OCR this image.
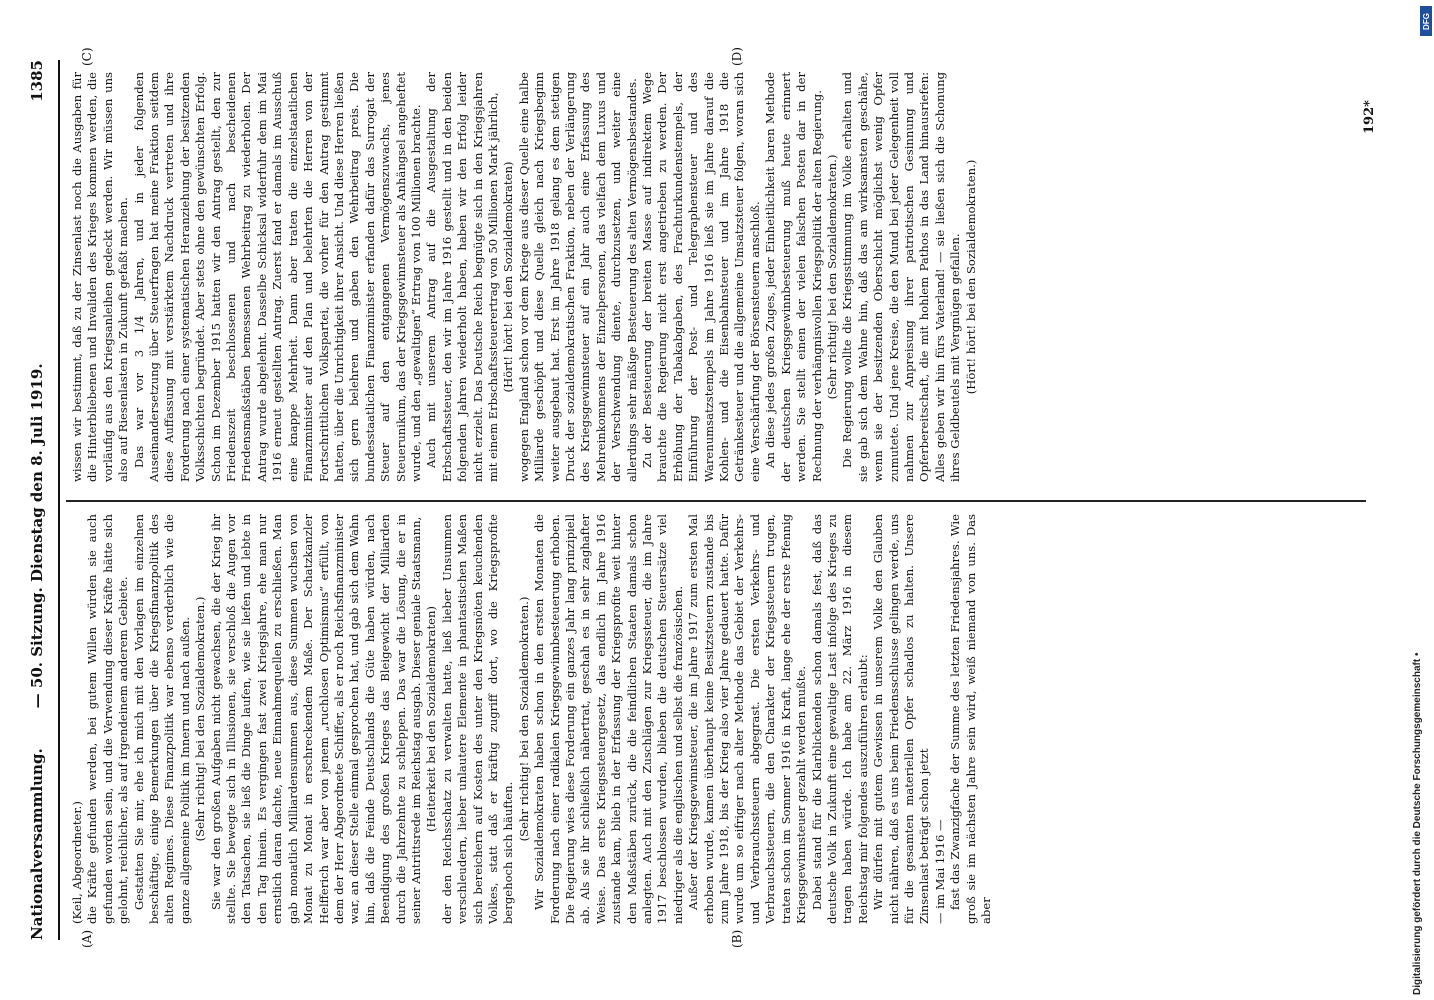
Nationalversammlung.
— 50. Sitzung. Dienstag den 8. Juli 1919.
1385
(A)	(B)
(C)	(D)

(Keil, Abgeordneter.) die Kräfte gefunden werden, bei gutem Willen würden sie auch gefunden worden sein, und die Verwendung dieser Kräfte hätte sich gelohnt, reichlicher, als auf irgendeinem anderem Gebiete. Gestatten Sie mir, ehe ich mich mit den Vorlagen im einzelnen beschäftige, einige Bemerkungen über die Kriegsfinanzpolitik des alten Regimes. Diese Finanzpolitik war ebenso verderblich wie die ganze allgemeine Politik im Innern und nach außen. (Sehr richtig! bei den Sozialdemokraten.) Sie war den großen Aufgaben nicht gewachsen, die der Krieg ihr stellte. Sie bewegte sich in Illusionen, sie verschloß die Augen vor den Tatsachen, sie ließ die Dinge laufen, wie sie liefen und lebte in den Tag hinein. Es vergingen fast zwei Kriegsjahre, ehe man nur ernstlich daran dachte, neue Einnahmequellen zu erschließen. Man gab monatlich Milliardensummen aus, diese Summen wuchsen von Monat zu Monat in erschreckendem Maße. Der Schatzkanzler Helfferich war aber von jenem „ruchlosen Optimismus“ erfüllt, von dem der Herr Abgeordnete Schiffer, als er noch Reichsfinanzminister war, an dieser Stelle einmal gesprochen hat, und gab sich dem Wahn hin, daß die Feinde Deutschlands die Güte haben würden, nach Beendigung des großen Krieges das Bleigewicht der Milliarden durch die Jahrzehnte zu schleppen. Das war die Lösung, die er in seiner Antrittsrede im Reichstag ausgab. Dieser geniale Staatsmann, (Heiterkeit bei den Sozialdemokraten) der den Reichsschatz zu verwalten hatte, ließ lieber Unsummen verschleudern, lieber unlautere Elemente in phantastischen Maßen sich bereichern auf Kosten des unter den Kriegsnöten keuchenden Volkes, statt daß er kräftig zugriff dort, wo die Kriegsprofite bergehoch sich häuften.

(Sehr richtig! bei den Sozialdemokraten.) Wir Sozialdemokraten haben schon in den ersten Monaten die Forderung nach einer radikalen Kriegsgewinnbesteuerung erhoben. Die Regierung wies diese Forderung ein ganzes Jahr lang prinzipiell ab. Als sie ihr schließlich nähertrat, geschah es in sehr zaghafter Weise. Das erste Kriegssteuergesetz, das endlich im Jahre 1916 zustande kam, blieb in der Erfassung der Kriegsprofite weit hinter den Maßstäben zurück, die die feindlichen Staaten damals schon anlegten. Auch mit den Zuschlägen zur Kriegssteuer, die im Jahre 1917 beschlossen wurden, blieben die deutschen Steuersätze viel niedriger als die englischen und selbst die französischen. Außer der Kriegsgewinnsteuer, die im Jahre 1917 zum ersten Mal erhoben wurde, kamen überhaupt keine Besitzsteuern zustande bis zum Jahre 1918, bis der Krieg also vier Jahre gedauert hatte. Dafür wurde um so eifriger nach alter Methode das Gebiet der Verkehrs- und Verbrauchssteuern abgegrast. Die ersten Verkehrs- und Verbrauchssteuern, die den Charakter der Kriegssteuern trugen, traten schon im Sommer 1916 in Kraft, lange ehe der erste Pfennig Kriegsgewinnsteuer gezahlt werden mußte. Dabei stand für die Klarblickenden schon damals fest, daß das deutsche Volk in Zukunft eine gewaltige Last infolge des Krieges zu tragen haben würde. Ich habe am 22. März 1916 in diesem Reichstag mir folgendes auszuführen erlaubt: Wir dürfen mit gutem Gewissen in unserem Volke den Glauben nicht nähren, daß es uns beim Friedensschlusse gelingen werde, uns für die gesamten materiellen Opfer schadlos zu halten. Unsere Zinsenlast beträgt schon jetzt — im Mai 1916 — fast das Zwanzigfache der Summe des letzten Friedensjahres. Wie groß sie im nächsten Jahre sein wird, weiß niemand von uns. Das aber

wissen wir bestimmt, daß zu der Zinsenlast noch die Ausgaben für die Hinterbliebenen und Invaliden des Krieges kommen werden, die vorläufig aus den Kriegsanleihen gedeckt werden. Wir müssen uns also auf Riesenlasten in Zukunft gefaßt machen. Das war vor 3 1/4 Jahren, und in jeder folgenden Auseinandersetzung über Steuerfragen hat meine Fraktion seitdem diese Auffassung mit verstärktem Nachdruck vertreten und ihre Forderung nach einer systematischen Heranziehung der besitzenden Volksschichten begründet. Aber stets ohne den gewünschten Erfolg. Schon im Dezember 1915 hatten wir den Antrag gestellt, den zur Friedenszeit beschlossenen und nach bescheidenen Friedensmaßstäben bemessenen Wehrbeitrag zu wiederholen. Der Antrag wurde abgelehnt. Dasselbe Schicksal widerfuhr dem im Mai 1916 erneut gestellten Antrag. Zuerst fand er damals im Ausschuß eine knappe Mehrheit. Dann aber traten die einzelstaatlichen Finanzminister auf den Plan und belehrten die Herren von der Fortschrittlichen Volkspartei, die vorher für den Antrag gestimmt hatten, über die Unrichtigkeit ihrer Ansicht. Und diese Herren ließen sich gern belehren und gaben den Wehrbeitrag preis. Die bundesstaatlichen Finanzminister erfanden dafür das Surrogat der Steuer auf den entgangenen Vermögenszuwachs, jenes Steuerunikum, das der Kriegsgewinnsteuer als Anhängsel angeheftet wurde, und den „gewaltigen“ Ertrag von 100 Millionen brachte. Auch mit unserem Antrag auf die Ausgestaltung der Erbschaftssteuer, den wir im Jahre 1916 gestellt und in den beiden folgenden Jahren wiederholt haben, haben wir den Erfolg leider nicht erzielt. Das Deutsche Reich begnügte sich in den Kriegsjahren mit einem Erbschaftssteuerertrag von 50 Millionen Mark jährlich, (Hört! hört! bei den Sozialdemokraten) wogegen England schon vor dem Kriege aus dieser Quelle eine halbe Milliarde geschöpft und diese Quelle gleich nach Kriegsbeginn weiter ausgebaut hat. Erst im Jahre 1918 gelang es dem stetigen Druck der sozialdemokratischen Fraktion, neben der Verlängerung des Kriegsgewinnsteuer auf ein Jahr auch eine Erfassung des Mehreinkommens der Einzelpersonen, das vielfach dem Luxus und der Verschwendung diente, durchzusetzen, und weiter eine allerdings sehr mäßige Besteuerung des alten Vermögensbestandes. Zu der Besteuerung der breiten Masse auf indirektem Wege brauchte die Regierung nicht erst angetrieben zu werden. Der Erhöhung der Tabakabgaben, des Frachturkundenstempels, der Einführung der Post- und Telegraphensteuer und des Warenumsatzstempels im Jahre 1916 ließ sie im Jahre darauf die Kohlen- und die Eisenbahnsteuer und im Jahre 1918 die Getränkesteuer und die allgemeine Umsatzsteuer folgen, woran sich eine Verschärfung der Börsensteuern anschloß. An diese jedes großen Zuges, jeder Einheitlichkeit baren Methode der deutschen Kriegsgewinnbesteuerung muß heute erinnert werden. Sie stellt einen der vielen falschen Posten dar in der Rechnung der verhängnisvollen Kriegspolitik der alten Regierung. (Sehr richtig! bei den Sozialdemokraten.) Die Regierung wollte die Kriegsstimmung im Volke erhalten und sie gab sich dem Wahne hin, daß das am wirksamsten geschähe, wenn sie der besitzenden Oberschicht möglichst wenig Opfer zumutete. Und jene Kreise, die den Mund bei jeder Gelegenheit voll nahmen zur Anpreisung ihrer patriotischen Gesinnung und Opferbereitschaft, die mit hohlem Pathos in das Land hinausriefen: Alles geben wir hin fürs Vaterland! — sie ließen sich die Schonung ihres Geldbeutels mit Vergnügen gefallen. (Hört! hört! bei den Sozialdemokraten.)

192*
Digitalisierung gefördert durch die Deutsche Forschungsgemeinschaft •
DFG
